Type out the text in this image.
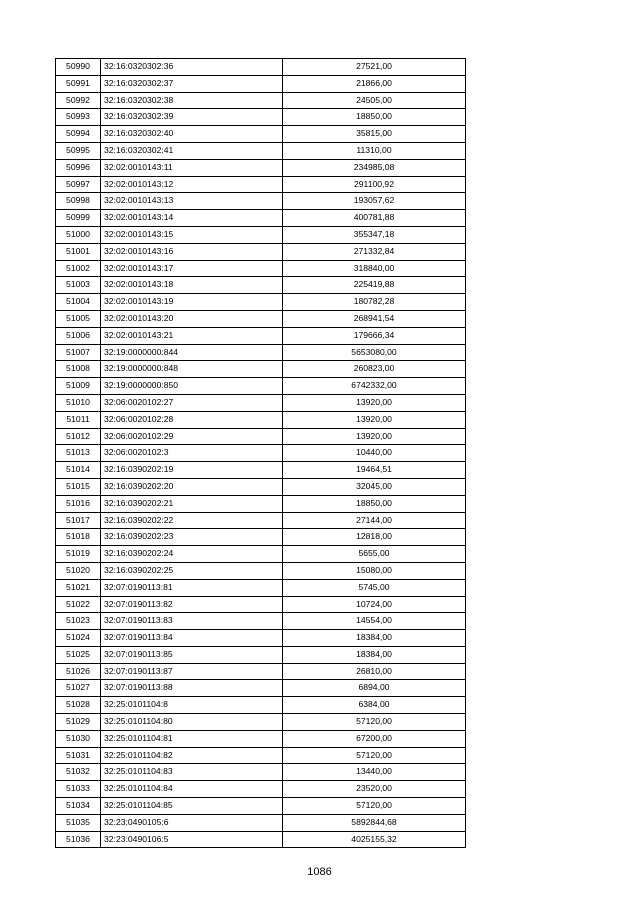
50990	32:16:0320302:36	27521,00
50991	32:16:0320302:37	21866,00
50992	32:16:0320302:38	24505,00
50993	32:16:0320302:39	18850,00
50994	32:16:0320302:40	35815,00
50995	32:16:0320302:41	11310,00
50996	32:02:0010143:11	234985,08
50997	32:02:0010143:12	291100,92
50998	32:02:0010143:13	193057,62
50999	32:02:0010143:14	400781,88
51000	32:02:0010143:15	355347,18
51001	32:02:0010143:16	271332,84
51002	32:02:0010143:17	318840,00
51003	32:02:0010143:18	225419,88
51004	32:02:0010143:19	180782,28
51005	32:02:0010143:20	268941,54
51006	32:02:0010143:21	179666,34
51007	32:19:0000000:844	5653080,00
51008	32:19:0000000:848	260823,00
51009	32:19:0000000:850	6742332,00
51010	32:06:0020102:27	13920,00
51011	32:06:0020102:28	13920,00
51012	32:06:0020102:29	13920,00
51013	32:06:0020102:3	10440,00
51014	32:16:0390202:19	19464,51
51015	32:16:0390202:20	32045,00
51016	32:16:0390202:21	18850,00
51017	32:16:0390202:22	27144,00
51018	32:16:0390202:23	12818,00
51019	32:16:0390202:24	5655,00
51020	32:16:0390202:25	15080,00
51021	32:07:0190113:81	5745,00
51022	32:07:0190113:82	10724,00
51023	32:07:0190113:83	14554,00
51024	32:07:0190113:84	18384,00
51025	32:07:0190113:85	18384,00
51026	32:07:0190113:87	26810,00
51027	32:07:0190113:88	6894,00
51028	32:25:0101104:8	6384,00
51029	32:25:0101104:80	57120,00
51030	32:25:0101104:81	67200,00
51031	32:25:0101104:82	57120,00
51032	32:25:0101104:83	13440,00
51033	32:25:0101104:84	23520,00
51034	32:25:0101104:85	57120,00
51035	32:23:0490105:6	5892844,68
51036	32:23:0490106:5	4025155,32
1086
